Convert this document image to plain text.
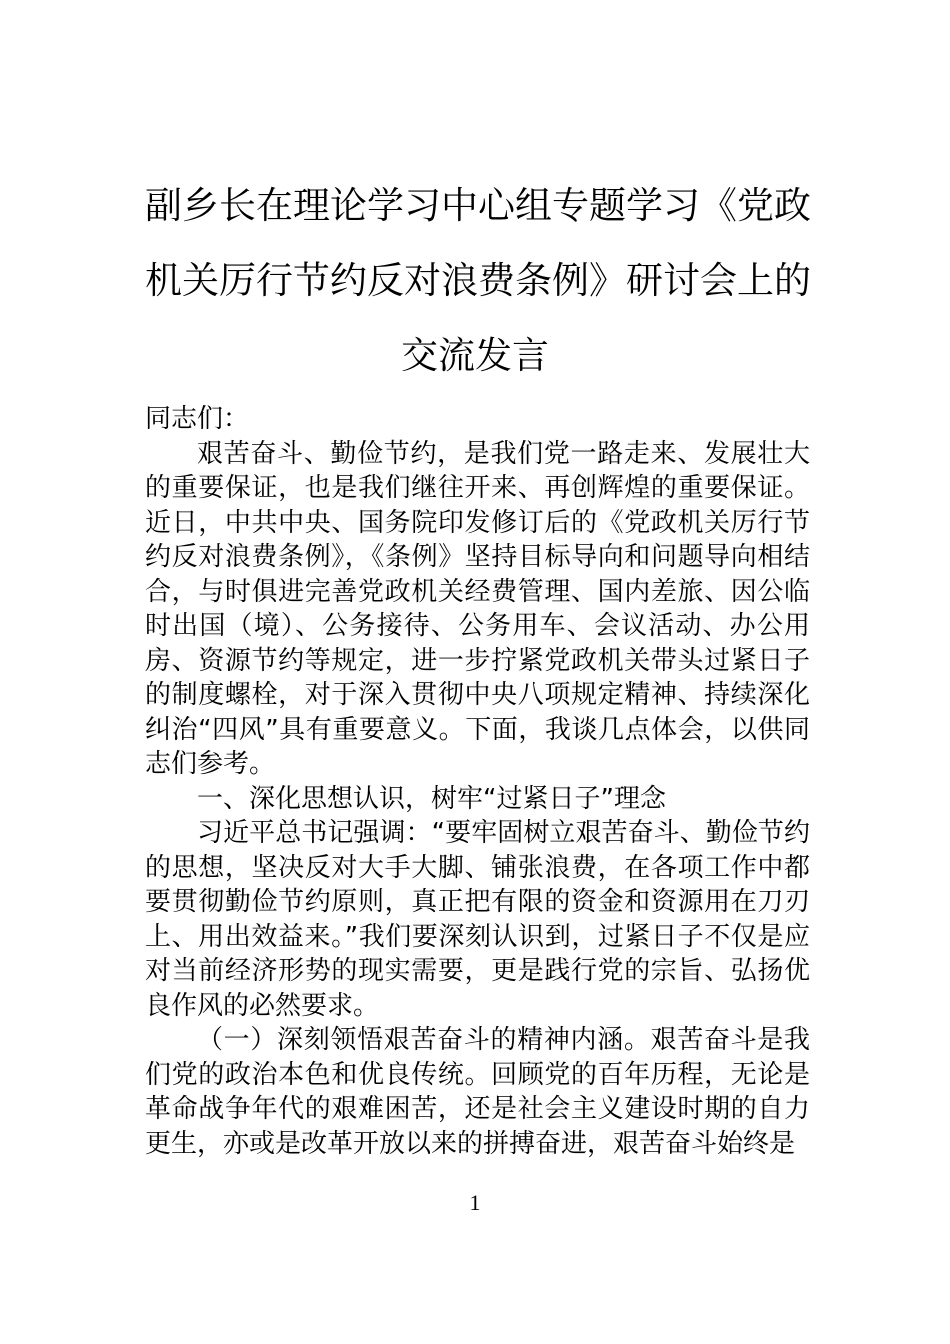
副乡长在理论学习中心组专题学习《党政
机关厉行节约反对浪费条例》研讨会上的
交流发言

同志们：

艰苦奋斗、勤俭节约，是我们党一路走来、发展壮大的重要保证，也是我们继往开来、再创辉煌的重要保证。近日，中共中央、国务院印发修订后的《党政机关厉行节约反对浪费条例》，《条例》坚持目标导向和问题导向相结合，与时俱进完善党政机关经费管理、国内差旅、因公临时出国（境）、公务接待、公务用车、会议活动、办公用房、资源节约等规定，进一步拧紧党政机关带头过紧日子的制度螺栓，对于深入贯彻中央八项规定精神、持续深化纠治“四风”具有重要意义。下面，我谈几点体会，以供同志们参考。

一、深化思想认识，树牢“过紧日子”理念

习近平总书记强调：“要牢固树立艰苦奋斗、勤俭节约的思想，坚决反对大手大脚、铺张浪费，在各项工作中都要贯彻勤俭节约原则，真正把有限的资金和资源用在刀刃上、用出效益来。”我们要深刻认识到，过紧日子不仅是应对当前经济形势的现实需要，更是践行党的宗旨、弘扬优良作风的必然要求。

（一）深刻领悟艰苦奋斗的精神内涵。艰苦奋斗是我们党的政治本色和优良传统。回顾党的百年历程，无论是革命战争年代的艰难困苦，还是社会主义建设时期的自力更生，亦或是改革开放以来的拼搏奋进，艰苦奋斗始终是

1
